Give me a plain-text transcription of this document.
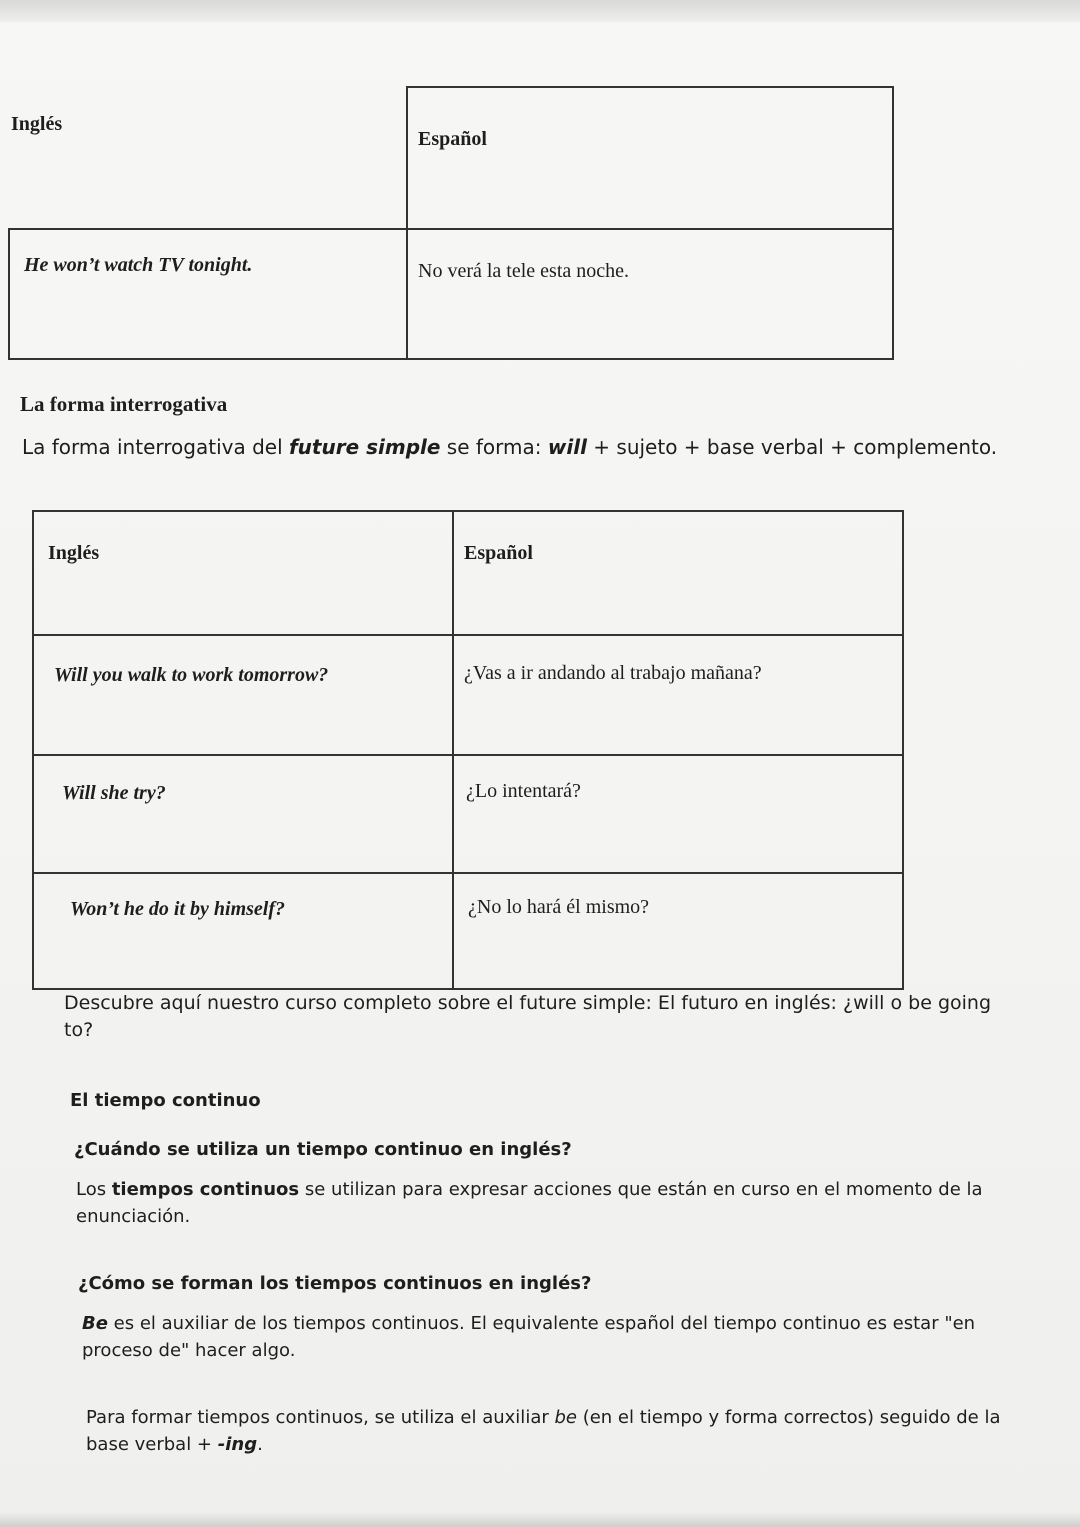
Inglés	Español

He won’t watch TV tonight.	No verá la tele esta noche.
La forma interrogativa

La forma interrogativa del future simple se forma: will + sujeto + base verbal + complemento.

Inglés	Español

Will you walk to work tomorrow?	¿Vas a ir andando al trabajo mañana?

Will she try?	¿Lo intentará?

Won’t he do it by himself?	¿No lo hará él mismo?

Descubre aquí nuestro curso completo sobre el future simple: El futuro en inglés: ¿will o be going to?

El tiempo continuo
¿Cuándo se utiliza un tiempo continuo en inglés?

Los tiempos continuos se utilizan para expresar acciones que están en curso en el momento de la enunciación.

¿Cómo se forman los tiempos continuos en inglés?

Be es el auxiliar de los tiempos continuos. El equivalente español del tiempo continuo es estar "en proceso de" hacer algo.

Para formar tiempos continuos, se utiliza el auxiliar be (en el tiempo y forma correctos) seguido de la base verbal + -ing.
